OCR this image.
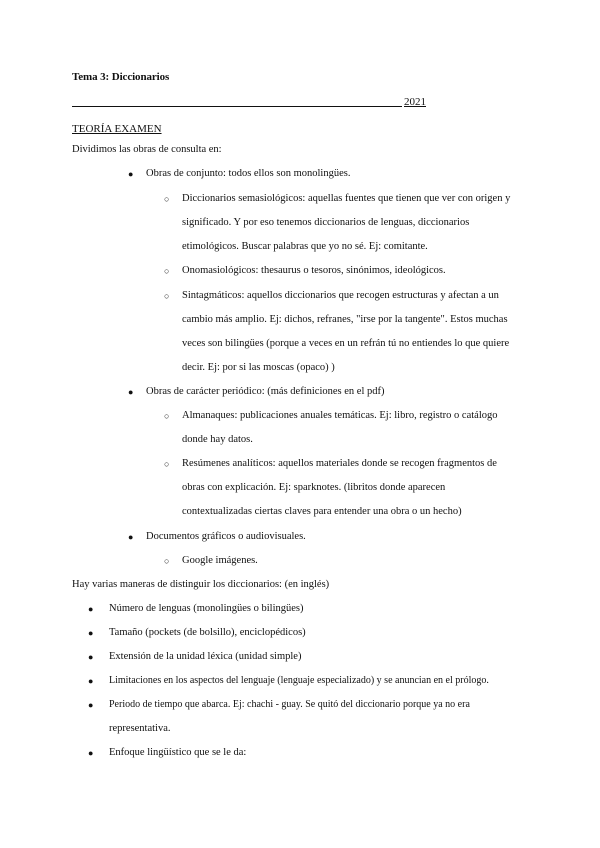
Tema 3: Diccionarios
2021
TEORÍA EXAMEN
Dividimos las obras de consulta en:
● Obras de conjunto: todos ellos son monolingües.
○ Diccionarios semasiológicos: aquellas fuentes que tienen que ver con origen y
significado. Y por eso tenemos diccionarios de lenguas, diccionarios
etimológicos. Buscar palabras que yo no sé. Ej: comitante.
○ Onomasiológicos: thesaurus o tesoros, sinónimos, ideológicos.
○ Sintagmáticos: aquellos diccionarios que recogen estructuras y afectan a un
cambio más amplio. Ej: dichos, refranes, "irse por la tangente". Estos muchas
veces son bilingües (porque a veces en un refrán tú no entiendes lo que quiere
decir. Ej: por si las moscas (opaco) )
● Obras de carácter periódico: (más definiciones en el pdf)
○ Almanaques: publicaciones anuales temáticas. Ej: libro, registro o catálogo
donde hay datos.
○ Resúmenes analíticos: aquellos materiales donde se recogen fragmentos de
obras con explicación. Ej: sparknotes. (libritos donde aparecen
contextualizadas ciertas claves para entender una obra o un hecho)
● Documentos gráficos o audiovisuales.
○ Google imágenes.
Hay varias maneras de distinguir los diccionarios: (en inglés)
● Número de lenguas (monolingües o bilingües)
● Tamaño (pockets (de bolsillo), enciclopédicos)
● Extensión de la unidad léxica (unidad simple)
● Limitaciones en los aspectos del lenguaje (lenguaje especializado) y se anuncian en el prólogo.
● Periodo de tiempo que abarca. Ej: chachi - guay. Se quitó del diccionario porque ya no era
representativa.
● Enfoque lingüístico que se le da:
